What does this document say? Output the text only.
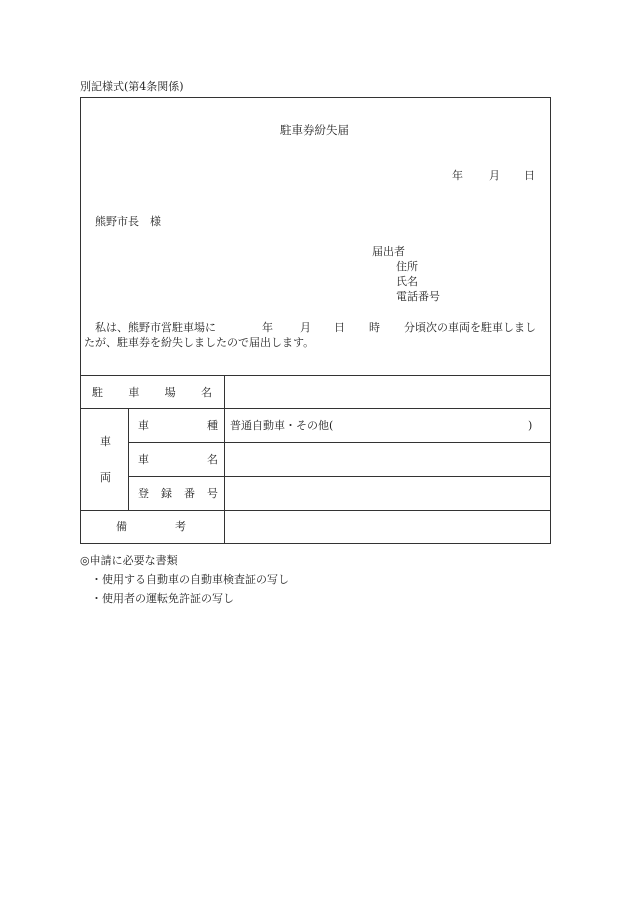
別記様式(第4条関係)
駐車券紛失届
年 月 日
熊野市長　様
届出者
住所
氏名
電話番号
私は、熊野市営駐車場に	年 月 日 時 分頃次の車両を駐車しまし
たが、駐車券を紛失しましたので届出します。
駐 車 場 名
車
両
車	種 普通自動車・その他(	)
車	名
登 録 番 号
備	考
◎申請に必要な書類
・使用する自動車の自動車検査証の写し
・使用者の運転免許証の写し
